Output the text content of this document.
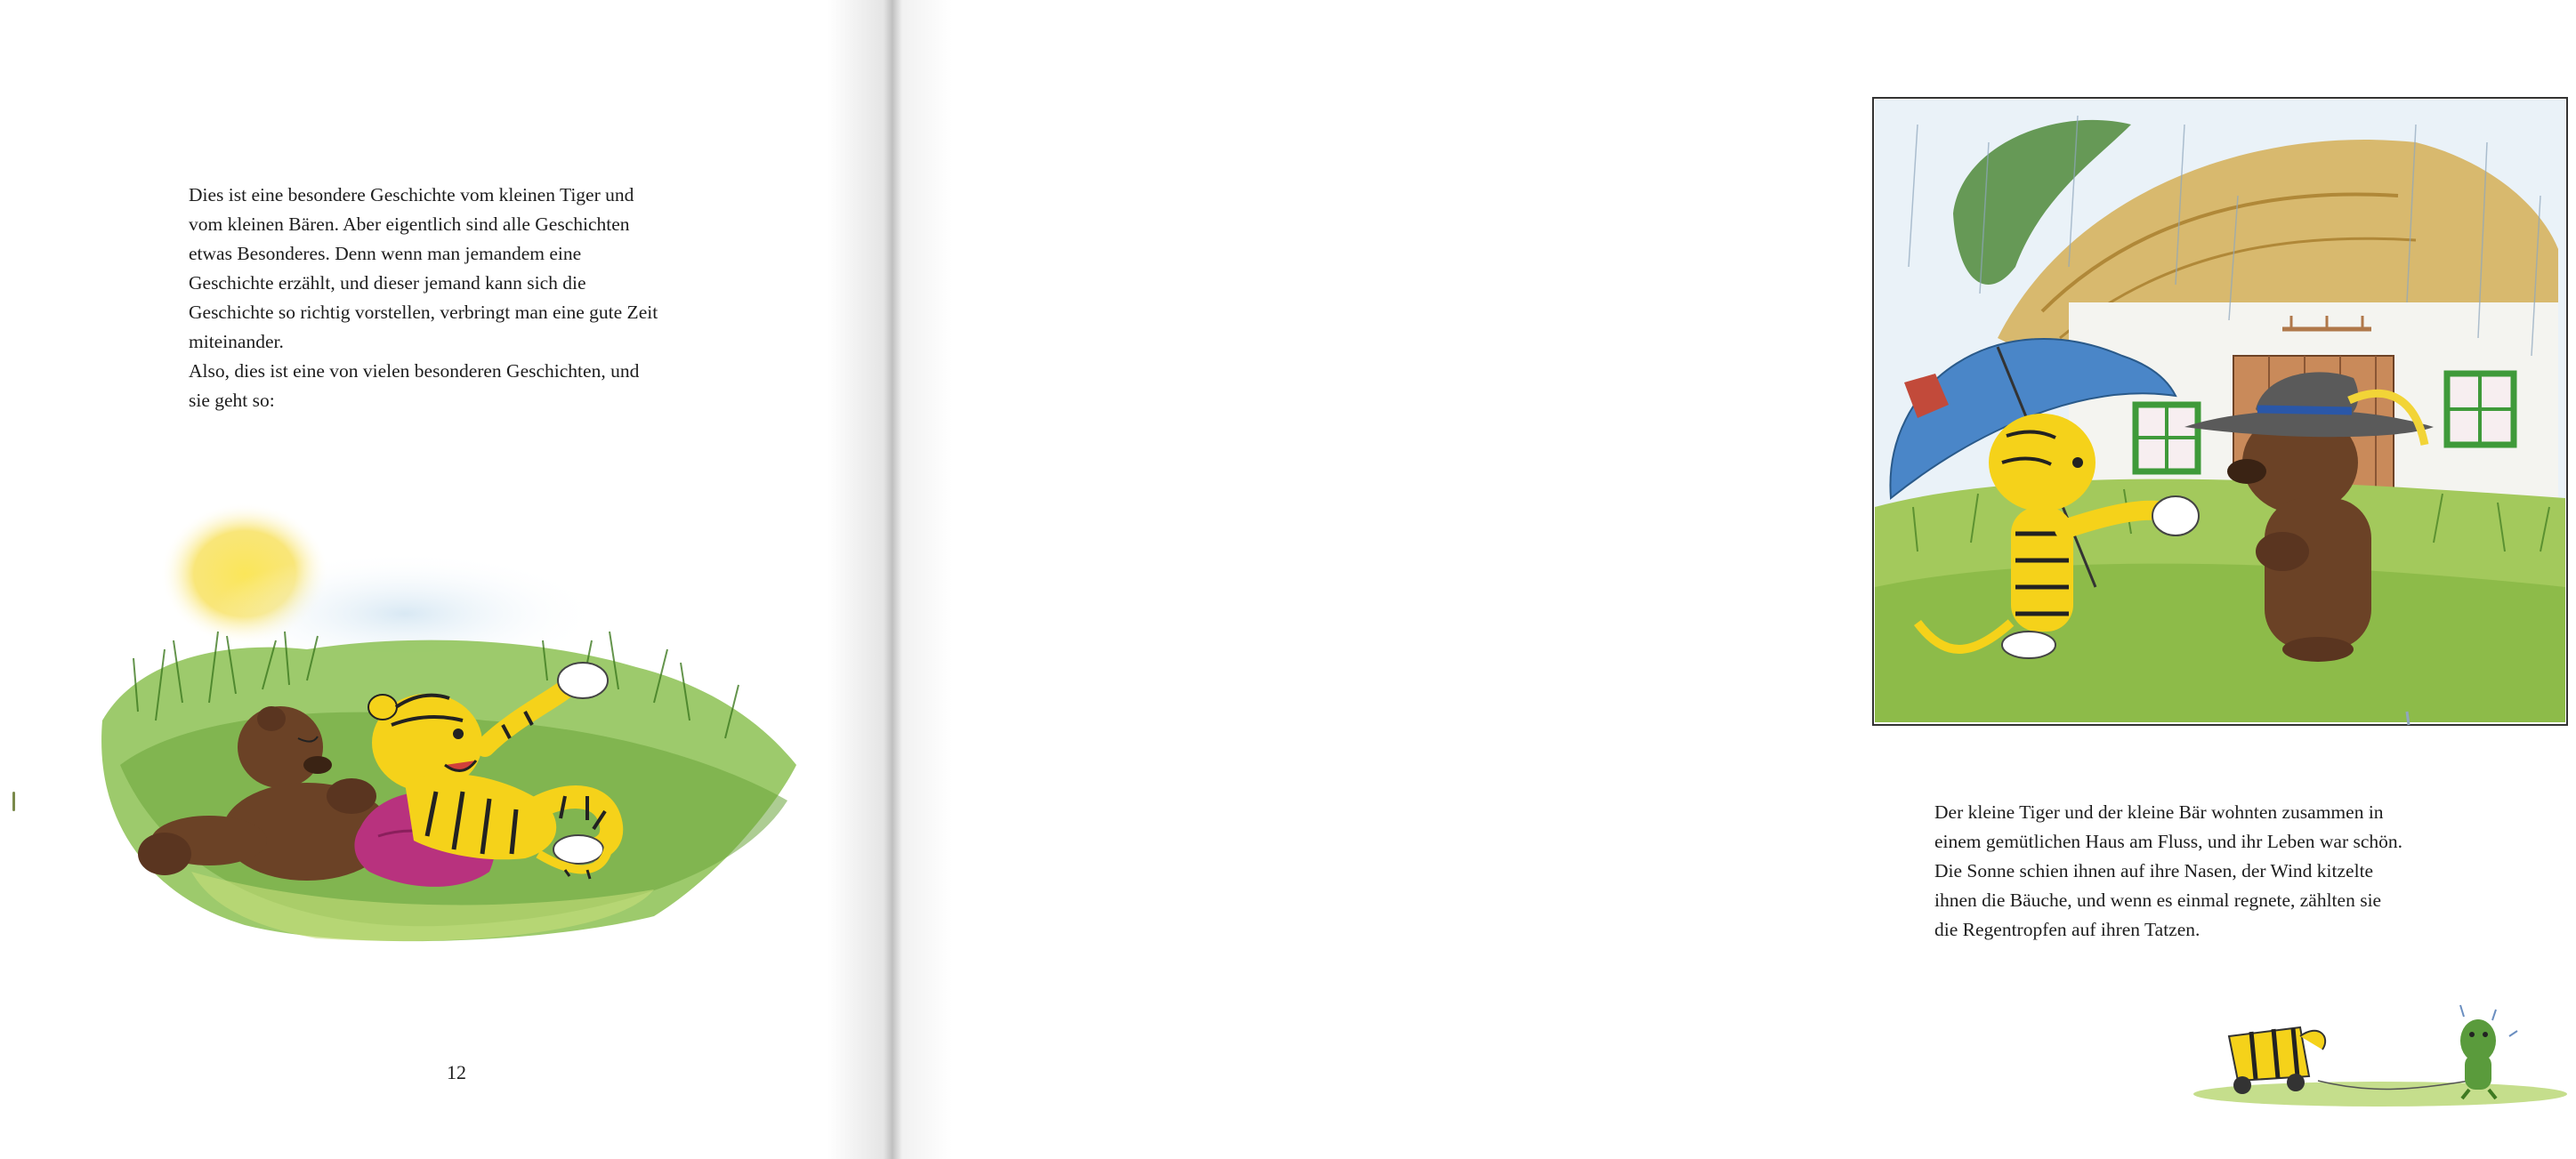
Dies ist eine besondere Geschichte vom kleinen Tiger und
vom kleinen Bären. Aber eigentlich sind alle Geschichten
etwas Besonderes. Denn wenn man jemandem eine
Geschichte erzählt, und dieser jemand kann sich die
Geschichte so richtig vorstellen, verbringt man eine gute Zeit
miteinander.
Also, dies ist eine von vielen besonderen Geschichten, und
sie geht so:
12
Der kleine Tiger und der kleine Bär wohnten zusammen in
einem gemütlichen Haus am Fluss, und ihr Leben war schön.
Die Sonne schien ihnen auf ihre Nasen, der Wind kitzelte
ihnen die Bäuche, und wenn es einmal regnete, zählten sie
die Regentropfen auf ihren Tatzen.
